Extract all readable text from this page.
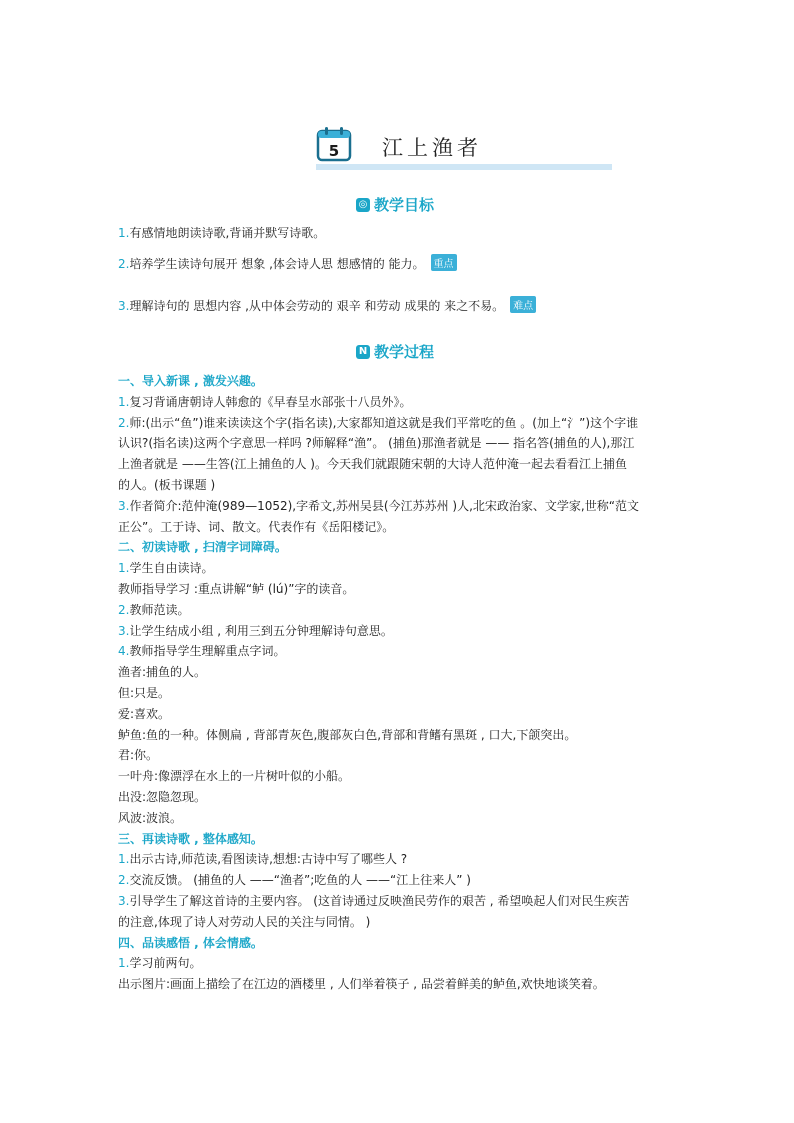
5 江上渔者
◎ 教学目标
1.有感情地朗读诗歌,背诵并默写诗歌。
2.培养学生读诗句展开 想象 ,体会诗人思 想感情的 能力。 重点
3.理解诗句的 思想内容 ,从中体会劳动的 艰辛 和劳动 成果的 来之不易。 难点
N 教学过程
一、导入新课 , 激发兴趣。
1.复习背诵唐朝诗人韩愈的《早春呈水部张十八员外》。
2.师:(出示“鱼”)谁来读读这个字(指名读),大家都知道这就是我们平常吃的鱼 。(加上“氵”)这个字谁
认识?(指名读)这两个字意思一样吗 ?师解释“渔”。 (捕鱼)那渔者就是 —— 指名答(捕鱼的人),那江
上渔者就是 ——生答(江上捕鱼的人 )。今天我们就跟随宋朝的大诗人范仲淹一起去看看江上捕鱼
的人。(板书课题 )
3.作者简介:范仲淹(989—1052),字希文,苏州吴县(今江苏苏州 )人,北宋政治家、文学家,世称“范文
正公”。工于诗、词、散文。代表作有《岳阳楼记》。
二、初读诗歌 , 扫清字词障碍。
1.学生自由读诗。
教师指导学习 :重点讲解“鲈 (lú)”字的读音。
2.教师范读。
3.让学生结成小组 , 利用三到五分钟理解诗句意思。
4.教师指导学生理解重点字词。
渔者:捕鱼的人。
但:只是。
爱:喜欢。
鲈鱼:鱼的一种。体侧扁 , 背部青灰色,腹部灰白色,背部和背鳍有黑斑 , 口大,下颌突出。
君:你。
一叶舟:像漂浮在水上的一片树叶似的小船。
出没:忽隐忽现。
风波:波浪。
三、再读诗歌 , 整体感知。
1.出示古诗,师范读,看图读诗,想想:古诗中写了哪些人 ?
2.交流反馈。 (捕鱼的人 ——“渔者”;吃鱼的人 ——“江上往来人” )
3.引导学生了解这首诗的主要内容。 (这首诗通过反映渔民劳作的艰苦 , 希望唤起人们对民生疾苦
的注意,体现了诗人对劳动人民的关注与同情。 )
四、品读感悟 , 体会情感。
1.学习前两句。
出示图片:画面上描绘了在江边的酒楼里 , 人们举着筷子 , 品尝着鲜美的鲈鱼,欢快地谈笑着。
